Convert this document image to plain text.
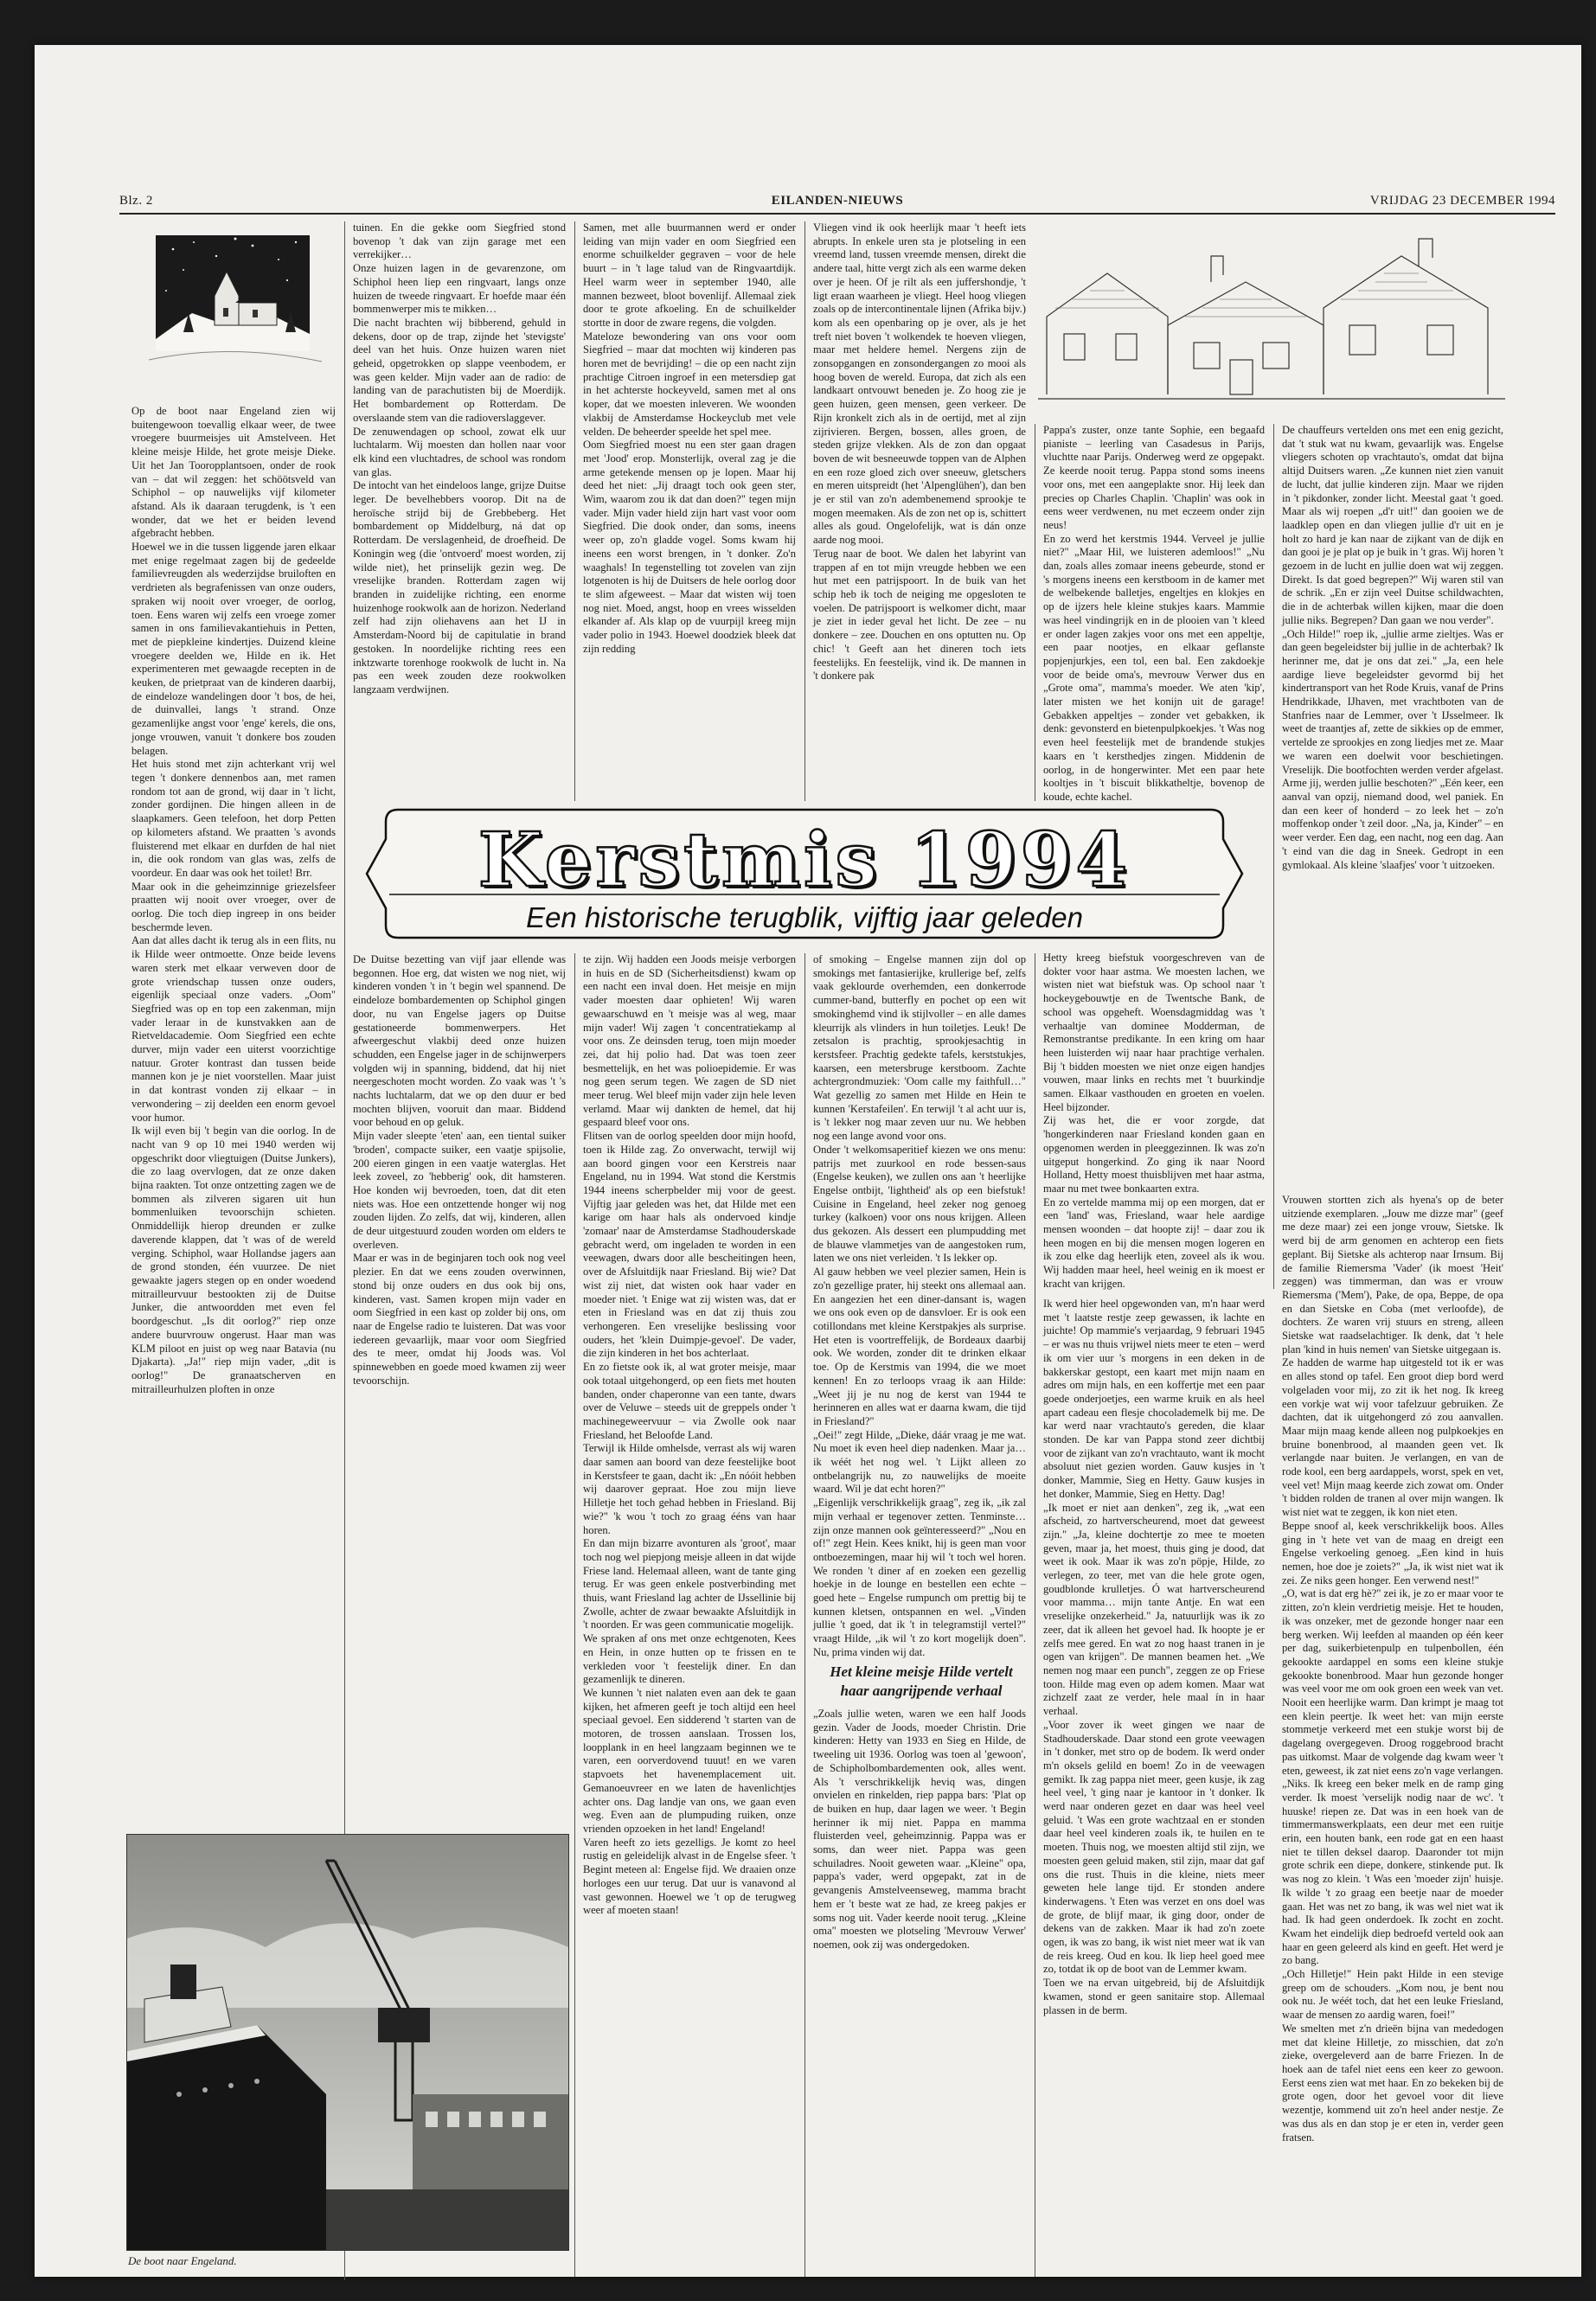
Blz. 2	EILANDEN-NIEUWS	VRIJDAG 23 DECEMBER 1994

Op de boot naar Engeland zien wij buitengewoon toevallig elkaar weer, de twee vroegere buurmeisjes uit Amstelveen. Het kleine meisje Hilde, het grote meisje Dieke. Uit het Jan Tooropplantsoen, onder de rook van – dat wil zeggen: het schöötsveld van Schiphol – op nauwelijks vijf kilometer afstand. Als ik daaraan terugdenk, is 't een wonder, dat we het er beiden levend afgebracht hebben.

Hoewel we in die tussen liggende jaren elkaar met enige regelmaat zagen bij de gedeelde familievreugden als wederzijdse bruiloften en verdrieten als begrafenissen van onze ouders, spraken wij nooit over vroeger, de oorlog, toen. Eens waren wij zelfs een vroege zomer samen in ons familievakantiehuis in Petten, met de piepkleine kindertjes. Duizend kleine vroegere deelden we, Hilde en ik. Het experimenteren met gewaagde recepten in de keuken, de prietpraat van de kinderen daarbij, de eindeloze wandelingen door 't bos, de hei, de duinvallei, langs 't strand. Onze gezamenlijke angst voor 'enge' kerels, die ons, jonge vrouwen, vanuit 't donkere bos zouden belagen.

Het huis stond met zijn achterkant vrij wel tegen 't donkere dennenbos aan, met ramen rondom tot aan de grond, wij daar in 't licht, zonder gordijnen. Die hingen alleen in de slaapkamers. Geen telefoon, het dorp Petten op kilometers afstand. We praatten 's avonds fluisterend met elkaar en durfden de hal niet in, die ook rondom van glas was, zelfs de voordeur. En daar was ook het toilet! Brr.

Maar ook in die geheimzinnige griezelsfeer praatten wij nooit over vroeger, over de oorlog. Die toch diep ingreep in ons beider beschermde leven.

Aan dat alles dacht ik terug als in een flits, nu ik Hilde weer ontmoette. Onze beide levens waren sterk met elkaar verweven door de grote vriendschap tussen onze ouders, eigenlijk speciaal onze vaders. „Oom" Siegfried was op en top een zakenman, mijn vader leraar in de kunstvakken aan de Rietveldacademie. Oom Siegfried een echte durver, mijn vader een uiterst voorzichtige natuur. Groter kontrast dan tussen beide mannen kon je je niet voorstellen. Maar juist in dat kontrast vonden zij elkaar – in verwondering – zij deelden een enorm gevoel voor humor.

Ik wijl even bij 't begin van die oorlog. In de nacht van 9 op 10 mei 1940 werden wij opgeschrikt door vliegtuigen (Duitse Junkers), die zo laag overvlogen, dat ze onze daken bijna raakten. Tot onze ontzetting zagen we de bommen als zilveren sigaren uit hun bommenluiken tevoorschijn schieten. Onmiddellijk hierop dreunden er zulke daverende klappen, dat 't was of de wereld verging. Schiphol, waar Hollandse jagers aan de grond stonden, één vuurzee. De niet gewaakte jagers stegen op en onder woedend mitrailleurvuur bestookten zij de Duitse Junker, die antwoordden met even fel boordgeschut. „Is dit oorlog?" riep onze andere buurvrouw ongerust. Haar man was KLM piloot en juist op weg naar Batavia (nu Djakarta). „Ja!" riep mijn vader, „dit is oorlog!" De granaatscherven en mitrailleurhulzen ploften in onze

tuinen. En die gekke oom Siegfried stond bovenop 't dak van zijn garage met een verrekijker…

Onze huizen lagen in de gevarenzone, om Schiphol heen liep een ringvaart, langs onze huizen de tweede ringvaart. Er hoefde maar één bommenwerper mis te mikken…

Die nacht brachten wij bibberend, gehuld in dekens, door op de trap, zijnde het 'stevigste' deel van het huis. Onze huizen waren niet geheid, opgetrokken op slappe veenbodem, er was geen kelder. Mijn vader aan de radio: de landing van de parachutisten bij de Moerdijk. Het bombardement op Rotterdam. De overslaande stem van die radioverslaggever.

De zenuwendagen op school, zowat elk uur luchtalarm. Wij moesten dan hollen naar voor elk kind een vluchtadres, de school was rondom van glas.

De intocht van het eindeloos lange, grijze Duitse leger. De bevelhebbers voorop. Dit na de heroïsche strijd bij de Grebbeberg. Het bombardement op Middelburg, ná dat op Rotterdam. De verslagenheid, de droefheid. De Koningin weg (die 'ontvoerd' moest worden, zij wilde niet), het prinselijk gezin weg. De vreselijke branden. Rotterdam zagen wij branden in zuidelijke richting, een enorme huizenhoge rookwolk aan de horizon. Nederland zelf had zijn oliehavens aan het IJ in Amsterdam-Noord bij de capitulatie in brand gestoken. In noordelijke richting rees een inktzwarte torenhoge rookwolk de lucht in. Na pas een week zouden deze rookwolken langzaam verdwijnen.

Samen, met alle buurmannen werd er onder leiding van mijn vader en oom Siegfried een enorme schuilkelder gegraven – voor de hele buurt – in 't lage talud van de Ringvaartdijk. Heel warm weer in september 1940, alle mannen bezweet, bloot bovenlijf. Allemaal ziek door te grote afkoeling. En de schuilkelder stortte in door de zware regens, die volgden.

Mateloze bewondering van ons voor oom Siegfried – maar dat mochten wij kinderen pas horen met de bevrijding! – die op een nacht zijn prachtige Citroen ingroef in een metersdiep gat in het achterste hockeyveld, samen met al ons koper, dat we moesten inleveren. We woonden vlakbij de Amsterdamse Hockeyclub met vele velden. De beheerder speelde het spel mee.

Oom Siegfried moest nu een ster gaan dragen met 'Jood' erop. Monsterlijk, overal zag je die arme getekende mensen op je lopen. Maar hij deed het niet: „Jij draagt toch ook geen ster, Wim, waarom zou ik dat dan doen?" tegen mijn vader. Mijn vader hield zijn hart vast voor oom Siegfried. Die dook onder, dan soms, ineens weer op, zo'n gladde vogel. Soms kwam hij ineens een worst brengen, in 't donker. Zo'n waaghals! In tegenstelling tot zovelen van zijn lotgenoten is hij de Duitsers de hele oorlog door te slim afgeweest. – Maar dat wisten wij toen nog niet. Moed, angst, hoop en vrees wisselden elkander af. Als klap op de vuurpijl kreeg mijn vader polio in 1943. Hoewel doodziek bleek dat zijn redding

Vliegen vind ik ook heerlijk maar 't heeft iets abrupts. In enkele uren sta je plotseling in een vreemd land, tussen vreemde mensen, direkt die andere taal, hitte vergt zich als een warme deken over je heen. Of je rilt als een juffershondje, 't ligt eraan waarheen je vliegt. Heel hoog vliegen zoals op de intercontinentale lijnen (Afrika bijv.) kom als een openbaring op je over, als je het treft niet boven 't wolkendek te hoeven vliegen, maar met heldere hemel. Nergens zijn de zonsopgangen en zonsondergangen zo mooi als hoog boven de wereld. Europa, dat zich als een landkaart ontvouwt beneden je. Zo hoog zie je geen huizen, geen mensen, geen verkeer. De Rijn kronkelt zich als in de oertijd, met al zijn zijrivieren. Bergen, bossen, alles groen, de steden grijze vlekken. Als de zon dan opgaat boven de wit besneeuwde toppen van de Alphen en een roze gloed zich over sneeuw, gletschers en meren uitspreidt (het 'Alpenglühen'), dan ben je er stil van zo'n adembenemend sprookje te mogen meemaken. Als de zon net op is, schittert alles als goud. Ongelofelijk, wat is dán onze aarde nog mooi.

Terug naar de boot. We dalen het labyrint van trappen af en tot mijn vreugde hebben we een hut met een patrijspoort. In de buik van het schip heb ik toch de neiging me opgesloten te voelen. De patrijspoort is welkomer dicht, maar je ziet in ieder geval het licht. De zee – nu donkere – zee. Douchen en ons optutten nu. Op chic! 't Geeft aan het dineren toch iets feestelijks. En feestelijk, vind ik. De mannen in 't donkere pak

Pappa's zuster, onze tante Sophie, een begaafd pianiste – leerling van Casadesus in Parijs, vluchtte naar Parijs. Onderweg werd ze opgepakt. Ze keerde nooit terug. Pappa stond soms ineens voor ons, met een aangeplakte snor. Hij leek dan precies op Charles Chaplin. 'Chaplin' was ook in eens weer verdwenen, nu met eczeem onder zijn neus!

En zo werd het kerstmis 1944. Verveel je jullie niet?" „Maar Hil, we luisteren ademloos!" „Nu dan, zoals alles zomaar ineens gebeurde, stond er 's morgens ineens een kerstboom in de kamer met de welbekende balletjes, engeltjes en klokjes en op de ijzers hele kleine stukjes kaars. Mammie was heel vindingrijk en in de plooien van 't kleed er onder lagen zakjes voor ons met een appeltje, een paar nootjes, en elkaar geflanste popjenjurkjes, een tol, een bal. Een zakdoekje voor de beide oma's, mevrouw Verwer dus en „Grote oma", mamma's moeder. We aten 'kip', later misten we het konijn uit de garage! Gebakken appeltjes – zonder vet gebakken, ik denk: gevonsterd en bietenpulpkoekjes. 't Was nog even heel feestelijk met de brandende stukjes kaars en 't kersthedjes zingen. Middenin de oorlog, in de hongerwinter. Met een paar hete kooltjes in 't biscuit blikkatheltje, bovenop de koude, echte kachel.

De chauffeurs vertelden ons met een enig gezicht, dat 't stuk wat nu kwam, gevaarlijk was. Engelse vliegers schoten op vrachtauto's, omdat dat bijna altijd Duitsers waren. „Ze kunnen niet zien vanuit de lucht, dat jullie kinderen zijn. Maar we rijden in 't pikdonker, zonder licht. Meestal gaat 't goed. Maar als wij roepen „d'r uit!" dan gooien we de laadklep open en dan vliegen jullie d'r uit en je holt zo hard je kan naar de zijkant van de dijk en dan gooi je je plat op je buik in 't gras. Wij horen 't gezoem in de lucht en jullie doen wat wij zeggen. Direkt. Is dat goed begrepen?" Wij waren stil van de schrik. „En er zijn veel Duitse schildwachten, die in de achterbak willen kijken, maar die doen jullie niks. Begrepen? Dan gaan we nou verder".

„Och Hilde!" roep ik, „jullie arme zieltjes. Was er dan geen begeleidster bij jullie in de achterbak? Ik herinner me, dat je ons dat zei." „Ja, een hele aardige lieve begeleidster gevormd bij het kindertransport van het Rode Kruis, vanaf de Prins Hendrikkade, IJhaven, met vrachtboten van de Stanfries naar de Lemmer, over 't IJsselmeer. Ik weet de traantjes af, zette de sikkies op de emmer, vertelde ze sprookjes en zong liedjes met ze. Maar we waren een doelwit voor beschietingen. Vreselijk. Die bootfochten werden verder afgelast. Arme jij, werden jullie beschoten?" „Eén keer, een aanval van opzij, niemand dood, wel paniek. En dan een keer of honderd – zo leek het – zo'n moffenkop onder 't zeil door. „Na, ja, Kinder" – en weer verder. Een dag, een nacht, nog een dag. Aan 't eind van die dag in Sneek. Gedropt in een gymlokaal. Als kleine 'slaafjes' voor 't uitzoeken.

Kerstmis 1994
Een historische terugblik, vijftig jaar geleden

Hetty kreeg biefstuk voorgeschreven van de dokter voor haar astma. We moesten lachen, we wisten niet wat biefstuk was. Op school naar 't hockeygebouwtje en de Twentsche Bank, de school was opgeheft. Woensdagmiddag was 't verhaaltje van dominee Modderman, de Remonstrantse predikante. In een kring om haar heen luisterden wij naar haar prachtige verhalen. Bij 't bidden moesten we niet onze eigen handjes vouwen, maar links en rechts met 't buurkindje samen. Elkaar vasthouden en groeten en voelen. Heel bijzonder.

Zij was het, die er voor zorgde, dat 'hongerkinderen naar Friesland konden gaan en opgenomen werden in pleeggezinnen. Ik was zo'n uitgeput hongerkind. Zo ging ik naar Noord Holland, Hetty moest thuisblijven met haar astma, maar nu met twee bonkaarten extra.

En zo vertelde mamma mij op een morgen, dat er een 'land' was, Friesland, waar hele aardige mensen woonden – dat hoopte zij! – daar zou ik heen mogen en bij die mensen mogen logeren en ik zou elke dag heerlijk eten, zoveel als ik wou. Wij hadden maar heel, heel weinig en ik moest er kracht van krijgen.

De Duitse bezetting van vijf jaar ellende was begonnen. Hoe erg, dat wisten we nog niet, wij kinderen vonden 't in 't begin wel spannend. De eindeloze bombardementen op Schiphol gingen door, nu van Engelse jagers op Duitse gestationeerde bommenwerpers. Het afweergeschut vlakbij deed onze huizen schudden, een Engelse jager in de schijnwerpers volgden wij in spanning, biddend, dat hij niet neergeschoten mocht worden. Zo vaak was 't 's nachts luchtalarm, dat we op den duur er bed mochten blijven, vooruit dan maar. Biddend voor behoud en op geluk.

Mijn vader sleepte 'eten' aan, een tiental suiker 'broden', compacte suiker, een vaatje spijsolie, 200 eieren gingen in een vaatje waterglas. Het leek zoveel, zo 'hebberig' ook, dit hamsteren. Hoe konden wij bevroeden, toen, dat dit eten niets was. Hoe een ontzettende honger wij nog zouden lijden. Zo zelfs, dat wij, kinderen, allen de deur uitgestuurd zouden worden om elders te overleven.

Maar er was in de beginjaren toch ook nog veel plezier. En dat we eens zouden overwinnen, stond bij onze ouders en dus ook bij ons, kinderen, vast. Samen kropen mijn vader en oom Siegfried in een kast op zolder bij ons, om naar de Engelse radio te luisteren. Dat was voor iedereen gevaarlijk, maar voor oom Siegfried des te meer, omdat hij Joods was. Vol spinnewebben en goede moed kwamen zij weer tevoorschijn.

te zijn. Wij hadden een Joods meisje verborgen in huis en de SD (Sicherheitsdienst) kwam op een nacht een inval doen. Het meisje en mijn vader moesten daar ophieten! Wij waren gewaarschuwd en 't meisje was al weg, maar mijn vader! Wij zagen 't concentratiekamp al voor ons. Ze deinsden terug, toen mijn moeder zei, dat hij polio had. Dat was toen zeer besmettelijk, en het was polioepidemie. Er was nog geen serum tegen. We zagen de SD niet meer terug. Wel bleef mijn vader zijn hele leven verlamd. Maar wij dankten de hemel, dat hij gespaard bleef voor ons.

Flitsen van de oorlog speelden door mijn hoofd, toen ik Hilde zag. Zo onverwacht, terwijl wij aan boord gingen voor een Kerstreis naar Engeland, nu in 1994. Wat stond die Kerstmis 1944 ineens scherpbelder mij voor de geest. Vijftig jaar geleden was het, dat Hilde met een karige om haar hals als ondervoed kindje 'zomaar' naar de Amsterdamse Stadhouderskade gebracht werd, om ingeladen te worden in een veewagen, dwars door alle bescheitingen heen, over de Afsluitdijk naar Friesland. Bij wie? Dat wist zij niet, dat wisten ook haar vader en moeder niet. 't Enige wat zij wisten was, dat er eten in Friesland was en dat zij thuis zou verhongeren. Een vreselijke beslissing voor ouders, het 'klein Duimpje-gevoel'. De vader, die zijn kinderen in het bos achterlaat.

En zo fietste ook ik, al wat groter meisje, maar ook totaal uitgehongerd, op een fiets met houten banden, onder chaperonne van een tante, dwars over de Veluwe – steeds uit de greppels onder 't machinegeweervuur – via Zwolle ook naar Friesland, het Beloofde Land.

Terwijl ik Hilde omhelsde, verrast als wij waren daar samen aan boord van deze feestelijke boot in Kerstsfeer te gaan, dacht ik: „En nóóit hebben wij daarover gepraat. Hoe zou mijn lieve Hilletje het toch gehad hebben in Friesland. Bij wie?" 'k wou 't toch zo graag ééns van haar horen.

En dan mijn bizarre avonturen als 'groot', maar toch nog wel piepjong meisje alleen in dat wijde Friese land. Helemaal alleen, want de tante ging terug. Er was geen enkele postverbinding met thuis, want Friesland lag achter de IJssellinie bij Zwolle, achter de zwaar bewaakte Afsluitdijk in 't noorden. Er was geen communicatie mogelijk.

We spraken af ons met onze echtgenoten, Kees en Hein, in onze hutten op te frissen en te verkleden voor 't feestelijk diner. En dan gezamenlijk te dineren.

We kunnen 't niet nalaten even aan dek te gaan kijken, het afmeren geeft je toch altijd een heel speciaal gevoel. Een sidderend 't starten van de motoren, de trossen aanslaan. Trossen los, loopplank in en heel langzaam beginnen we te varen, een oorverdovend tuuut! en we varen stapvoets het havenemplacement uit. Gemanoeuvreer en we laten de havenlichtjes achter ons. Dag landje van ons, we gaan even weg. Even aan de plumpuding ruiken, onze vrienden opzoeken in het land! Engeland!

Varen heeft zo iets gezelligs. Je komt zo heel rustig en geleidelijk alvast in de Engelse sfeer. 't Begint meteen al: Engelse fijd. We draaien onze horloges een uur terug. Dat uur is vanavond al vast gewonnen. Hoewel we 't op de terugweg weer af moeten staan!

of smoking – Engelse mannen zijn dol op smokings met fantasierijke, krullerige bef, zelfs vaak geklourde overhemden, een donkerrode cummer-band, butterfly en pochet op een wit smokinghemd vind ik stijlvoller – en alle dames kleurrijk als vlinders in hun toiletjes. Leuk! De zetsalon is prachtig, sprookjesachtig in kerstsfeer. Prachtig gedekte tafels, kerststukjes, kaarsen, een metersbruge kerstboom. Zachte achtergrondmuziek: 'Oom calle my faithfull…" Wat gezellig zo samen met Hilde en Hein te kunnen 'Kerstafeilen'. En terwijl 't al acht uur is, is 't lekker nog maar zeven uur nu. We hebben nog een lange avond voor ons.

Onder 't welkomsaperitief kiezen we ons menu: patrijs met zuurkool en rode bessen-saus (Engelse keuken), we zullen ons aan 't heerlijke Engelse ontbijt, 'lightheid' als op een biefstuk! Cuisine in Engeland, heel zeker nog genoeg turkey (kalkoen) voor ons nous krijgen. Alleen dus gekozen. Als dessert een plumpudding met de blauwe vlammetjes van de aangestoken rum, laten we ons niet verleiden. 't Is lekker op.

Al gauw hebben we veel plezier samen, Hein is zo'n gezellige prater, hij steekt ons allemaal aan. En aangezien het een diner-dansant is, wagen we ons ook even op de dansvloer. Er is ook een cotillondans met kleine Kerstpakjes als surprise. Het eten is voortreffelijk, de Bordeaux daarbij ook. We worden, zonder dit te drinken elkaar toe. Op de Kerstmis van 1994, die we moet kennen! En zo terloops vraag ik aan Hilde: „Weet jij je nu nog de kerst van 1944 te herinneren en alles wat er daarna kwam, die tijd in Friesland?"

„Oei!" zegt Hilde, „Dieke, dáár vraag je me wat. Nu moet ik even heel diep nadenken. Maar ja… ik wéét het nog wel. 't Lijkt alleen zo ontbelangrijk nu, zo nauwelijks de moeite waard. Wil je dat echt horen?"

„Eigenlijk verschrikkelijk graag", zeg ik, „ik zal mijn verhaal er tegenover zetten. Tenminste… zijn onze mannen ook geïnteresseerd?" „Nou en of!" zegt Hein. Kees knikt, hij is geen man voor ontboezemingen, maar hij wil 't toch wel horen. We ronden 't diner af en zoeken een gezellig hoekje in de lounge en bestellen een echte – goed hete – Engelse rumpunch om prettig bij te kunnen kletsen, ontspannen en wel. „Vinden jullie 't goed, dat ik 't in telegramstijl vertel?" vraagt Hilde, „ik wil 't zo kort mogelijk doen". Nu, prima vinden wij dat.

Het kleine meisje Hilde vertelt haar aangrijpende verhaal

„Zoals jullie weten, waren we een half Joods gezin. Vader de Joods, moeder Christin. Drie kinderen: Hetty van 1933 en Sieg en Hilde, de tweeling uit 1936. Oorlog was toen al 'gewoon', de Schipholbombardementen ook, alles went. Als 't verschrikkelijk heviq was, dingen onvielen en rinkelden, riep pappa bars: 'Plat op de buiken en hup, daar lagen we weer. 't Begin herinner ik mij niet. Pappa en mamma fluisterden veel, geheimzinnig. Pappa was er soms, dan weer niet. Pappa was geen schuiladres. Nooit geweten waar. „Kleine" opa, pappa's vader, werd opgepakt, zat in de gevangenis Amstelveenseweg, mamma bracht hem er 't beste wat ze had, ze kreeg pakjes er soms nog uit. Vader keerde nooit terug. „Kleine oma" moesten we plotseling 'Mevrouw Verwer' noemen, ook zij was ondergedoken.

Ik werd hier heel opgewonden van, m'n haar werd met 't laatste restje zeep gewassen, ik lachte en juichte! Op mammie's verjaardag, 9 februari 1945 – er was nu thuis vrijwel niets meer te eten – werd ik om vier uur 's morgens in een deken in de bakkerskar gestopt, een kaart met mijn naam en adres om mijn hals, en een koffertje met een paar goede onderjoetjes, een warme kruik en als heel apart cadeau een flesje chocolademelk bij me. De kar werd naar vrachtauto's gereden, die klaar stonden. De kar van Pappa stond zeer dichtbij voor de zijkant van zo'n vrachtauto, want ik mocht absoluut niet gezien worden. Gauw kusjes in 't donker, Mammie, Sieg en Hetty. Gauw kusjes in het donker, Mammie, Sieg en Hetty. Dag!

„Ik moet er niet aan denken", zeg ik, „wat een afscheid, zo hartverscheurend, moet dat geweest zijn." „Ja, kleine dochtertje zo mee te moeten geven, maar ja, het moest, thuis ging je dood, dat weet ik ook. Maar ik was zo'n pöpje, Hilde, zo verlegen, zo teer, met van die hele grote ogen, goudblonde krulletjes. Ó wat hartverscheurend voor mamma… mijn tante Antje. En wat een vreselijke onzekerheid." Ja, natuurlijk was ik zo zeer, dat ik alleen het gevoel had. Ik hoopte je er zelfs mee gered. En wat zo nog haast tranen in je ogen van krijgen". De mannen beamen het. „We nemen nog maar een punch", zeggen ze op Friese toon. Hilde mag even op adem komen. Maar wat zichzelf zaat ze verder, hele maal ín in haar verhaal.

„Voor zover ik weet gingen we naar de Stadhouderskade. Daar stond een grote veewagen in 't donker, met stro op de bodem. Ik werd onder m'n oksels gelild en boem! Zo in de veewagen gemikt. Ik zag pappa niet meer, geen kusje, ik zag heel veel, 't ging naar je kantoor in 't donker. Ik werd naar onderen gezet en daar was heel veel geluid. 't Was een grote wachtzaal en er stonden daar heel veel kinderen zoals ik, te huilen en te moeten. Thuis nog, we moesten altijd stil zijn, we moesten geen geluid maken, stil zijn, maar dat gaf ons die rust. Thuis in die kleine, niets meer geweten hele lange tijd. Er stonden andere kinderwagens. 't Eten was verzet en ons doel was de grote, de blijf maar, ik ging door, onder de dekens van de zakken. Maar ik had zo'n zoete ogen, ik was zo bang, ik wist niet meer wat ik van de reis kreeg. Oud en kou. Ik liep heel goed mee zo, totdat ik op de boot van de Lemmer kwam.

Toen we na ervan uitgebreid, bij de Afsluitdijk kwamen, stond er geen sanitaire stop. Allemaal plassen in de berm.

Vrouwen stortten zich als hyena's op de beter uitziende exemplaren. „Jouw me dizze mar" (geef me deze maar) zei een jonge vrouw, Sietske. Ik werd bij de arm genomen en achterop een fiets geplant. Bij Sietske als achterop naar Irnsum. Bij de familie Riemersma 'Vader' (ik moest 'Heit' zeggen) was timmerman, dan was er vrouw Riemersma ('Mem'), Pake, de opa, Beppe, de opa en dan Sietske en Coba (met verloofde), de dochters. Ze waren vrij stuurs en streng, alleen Sietske wat raadselachtiger. Ik denk, dat 't hele plan 'kind in huis nemen' van Sietske uitgegaan is.

Ze hadden de warme hap uitgesteld tot ik er was en alles stond op tafel. Een groot diep bord werd volgeladen voor mij, zo zit ik het nog. Ik kreeg een vorkje wat wij voor tafelzuur gebruiken. Ze dachten, dat ik uitgehongerd zó zou aanvallen. Maar mijn maag kende alleen nog pulpkoekjes en bruine bonenbrood, al maanden geen vet. Ik verlangde naar buiten. Je verlangen, en van de rode kool, een berg aardappels, worst, spek en vet, veel vet! Mijn maag keerde zich zowat om. Onder 't bidden rolden de tranen al over mijn wangen. Ik wist niet wat te zeggen, ik kon niet eten.

Beppe snoof al, keek verschrikkelijk boos. Alles ging in 't hete vet van de maag en dreigt een Engelse verkoeling genoeg. „Een kind in huis nemen, hoe doe je zoiets?" „Ja, ik wist niet wat ik zei. Ze niks geen honger. Een verwend nest!"

„O, wat is dat erg hè?" zei ik, je zo er maar voor te zitten, zo'n klein verdrietig meisje. Het te houden, ik was onzeker, met de gezonde honger naar een berg werken. Wij leefden al maanden op één keer per dag, suikerbietenpulp en tulpenbollen, één gekookte aardappel en soms een kleine stukje gekookte bonenbrood. Maar hun gezonde honger was veel voor me om ook groen een week van vet. Nooit een heerlijke warm. Dan krimpt je maag tot een klein peertje. Ik weet het: van mijn eerste stommetje verkeerd met een stukje worst bij de dagelang overgegeven. Droog roggebrood bracht pas uitkomst. Maar de volgende dag kwam weer 't eten, geweest, ik zat niet eens zo'n vage verlangen.

„Niks. Ik kreeg een beker melk en de ramp ging verder. Ik moest 'verselijk nodig naar de wc'. 't huuske! riepen ze. Dat was in een hoek van de timmermanswerkplaats, een deur met een ruitje erin, een houten bank, een rode gat en een haast niet te tillen deksel daarop. Daaronder tot mijn grote schrik een diepe, donkere, stinkende put. Ik was nog zo klein. 't Was een 'moeder zijn' huisje. Ik wilde 't zo graag een beetje naar de moeder gaan. Het was net zo bang, ik was wel niet wat ik had. Ik had geen onderdoek. Ik zocht en zocht. Kwam het eindelijk diep bedroefd verteld ook aan haar en geen geleerd als kind en geeft. Het werd je zo bang.

„Och Hilletje!" Hein pakt Hilde in een stevige greep om de schouders. „Kom nou, je bent nou ook nu. Je wéét toch, dat het een leuke Friesland, waar de mensen zo aardig waren, foei!"

We smelten met z'n drieën bijna van mededogen met dat kleine Hilletje, zo misschien, dat zo'n zieke, overgeleverd aan de barre Friezen. In de hoek aan de tafel niet eens een keer zo gewoon. Eerst eens zien wat met haar. En zo bekeken bij de grote ogen, door het gevoel voor dit lieve wezentje, kommend uit zo'n heel ander nestje. Ze was dus als en dan stop je er eten in, verder geen fratsen.

De boot naar Engeland.
